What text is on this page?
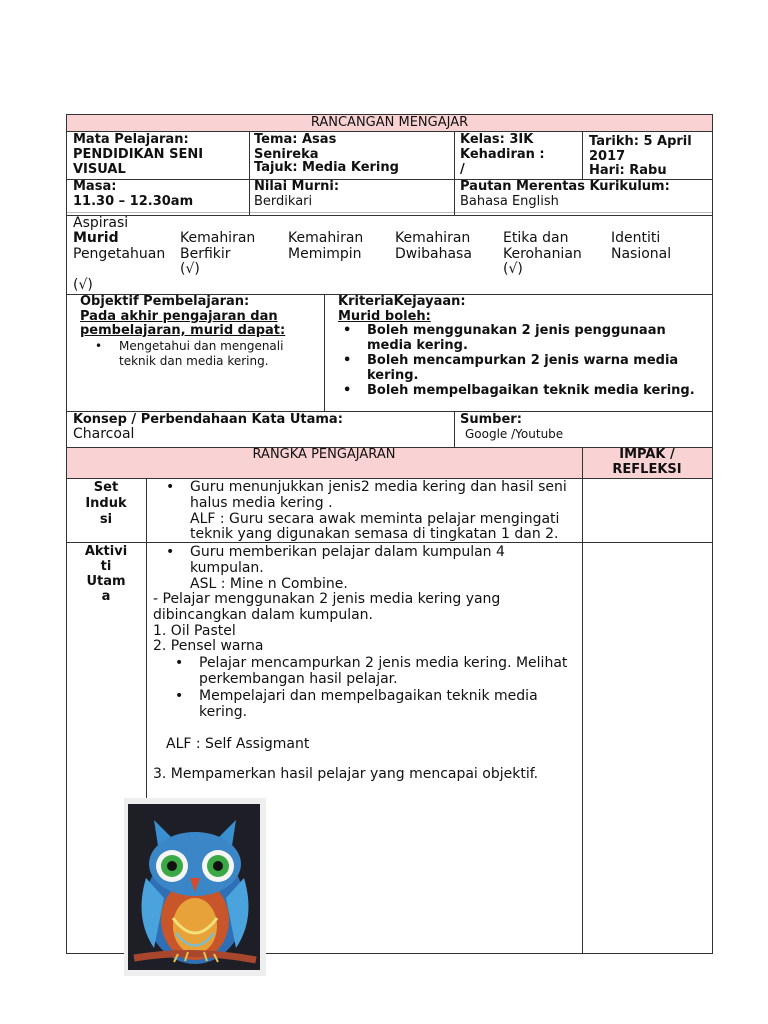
RANCANGAN MENGAJAR
Mata Pelajaran:
PENDIDIKAN SENI
VISUAL
Tema: Asas
Senireka
Tajuk: Media Kering
Kelas: 3IK
Kehadiran :
/
Tarikh: 5 April
2017
Hari: Rabu
Masa:
11.30 – 12.30am
Nilai Murni:
Berdikari
Pautan Merentas Kurikulum:
Bahasa English
Aspirasi
Murid
Pengetahuan
(√)
Kemahiran
Berfikir
(√)
Kemahiran
Memimpin
Kemahiran
Dwibahasa
Etika dan
Kerohanian
(√)
Identiti
Nasional
Objektif Pembelajaran:
Pada akhir pengajaran dan
pembelajaran, murid dapat:
• Mengetahui dan mengenali
teknik dan media kering.
KriteriaKejayaan:
Murid boleh:
• Boleh menggunakan 2 jenis penggunaan
media kering.
• Boleh mencampurkan 2 jenis warna media
kering.
• Boleh mempelbagaikan teknik media kering.
Konsep / Perbendahaan Kata Utama:
Charcoal
Sumber:
Google /Youtube
RANGKA PENGAJARAN	IMPAK /
REFLEKSI
Set
Induk
si
• Guru menunjukkan jenis2 media kering dan hasil seni
halus media kering .
ALF : Guru secara awak meminta pelajar mengingati
teknik yang digunakan semasa di tingkatan 1 dan 2.
Aktivi
ti
Utam
a
• Guru memberikan pelajar dalam kumpulan 4
kumpulan.
ASL : Mine n Combine.
- Pelajar menggunakan 2 jenis media kering yang
dibincangkan dalam kumpulan.
1. Oil Pastel
2. Pensel warna
• Pelajar mencampurkan 2 jenis media kering. Melihat
perkembangan hasil pelajar.
• Mempelajari dan mempelbagaikan teknik media
kering.
ALF : Self Assigmant
3. Mempamerkan hasil pelajar yang mencapai objektif.
